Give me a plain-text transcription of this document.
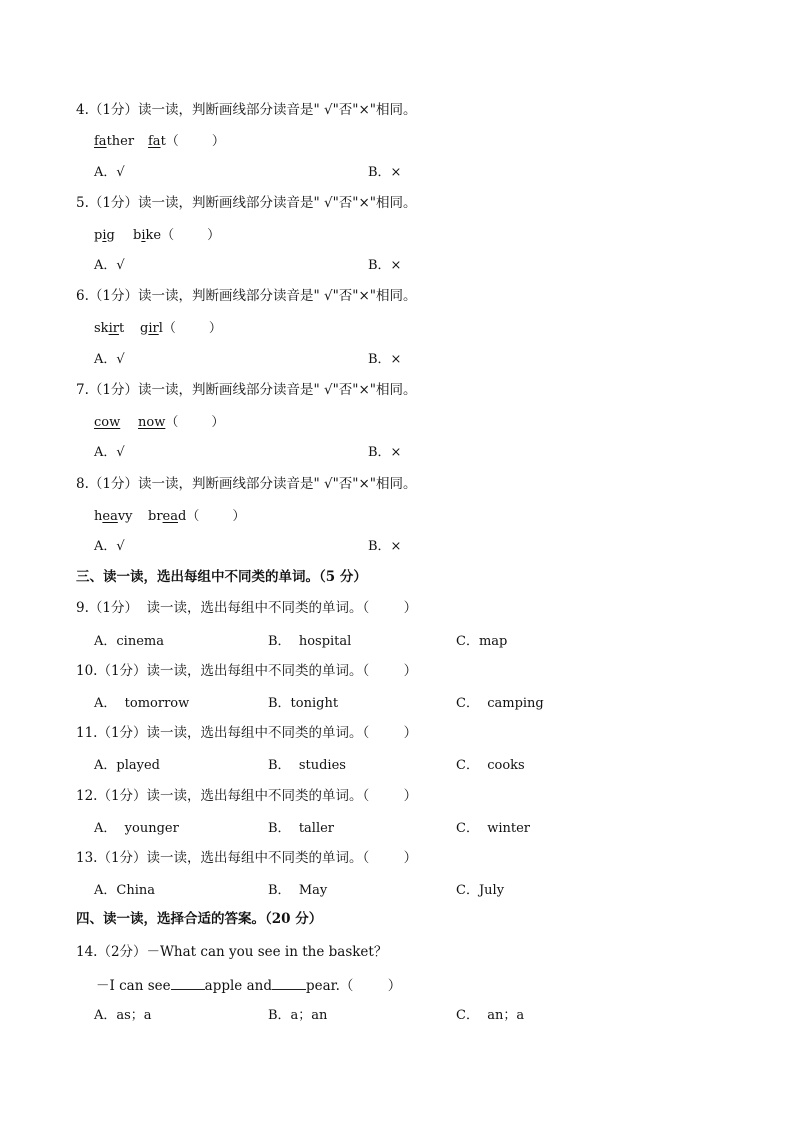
4.（1分）读一读，判断画线部分读音是" √"否"×"相同。
father fat（        ）
A．√	B．×
5.（1分）读一读，判断画线部分读音是" √"否"×"相同。
pig bike（        ）
A．√	B．×
6.（1分）读一读，判断画线部分读音是" √"否"×"相同。
skirt girl（        ）
A．√	B．×
7.（1分）读一读，判断画线部分读音是" √"否"×"相同。
cow now（        ）
A．√	B．×
8.（1分）读一读，判断画线部分读音是" √"否"×"相同。
heavy bread（        ）
A．√	B．×
三、读一读，选出每组中不同类的单词。（5 分）
9.（1分）  读一读，选出每组中不同类的单词。（        ）
A．cinema	B．  hospital	C．map
10.（1分）读一读，选出每组中不同类的单词。（        ）
A．  tomorrow	B．tonight	C．  camping
11.（1分）读一读，选出每组中不同类的单词。（        ）
A．played	B．  studies	C．  cooks
12.（1分）读一读，选出每组中不同类的单词。（        ）
A．  younger	B．  taller	C．  winter
13.（1分）读一读，选出每组中不同类的单词。（        ）
A．China	B．  May	C．July
四、读一读，选择合适的答案。（20 分）
14.（2分）－What can you see in the basket？
－I can see	apple and	pear.（        ）
A．as；a	B．a；an	C．  an；a
